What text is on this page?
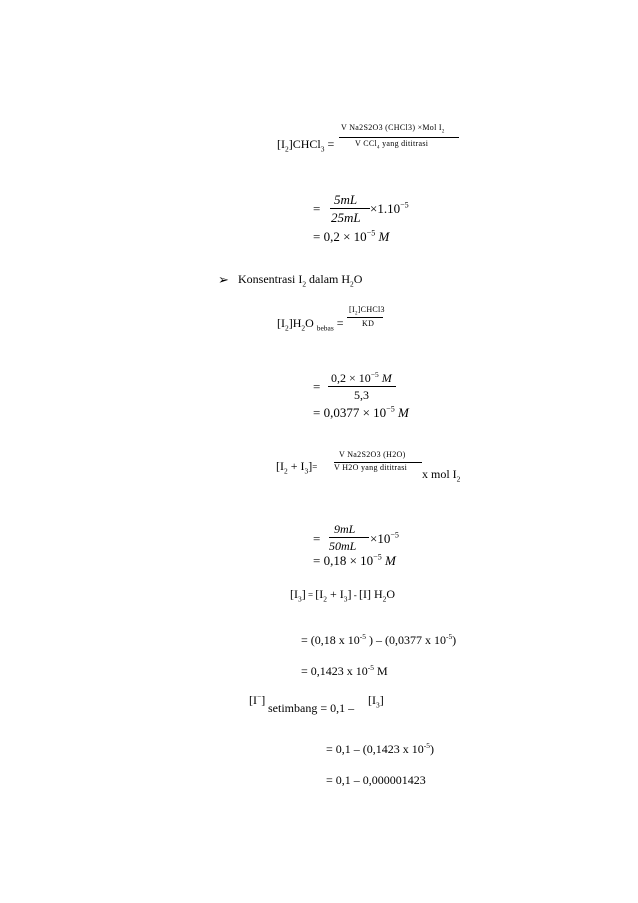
V Na2S2O3 (CHCl3) ×Mol $I_2$
$[I_2]CHCl_3$ =	V CCl$_4$ yang dititrasi
=
5mL
25mL
$\times 1.10^{-5}$
= $0,2 \times 10^{-5}$ M
➢ Konsentrasi $I_2$ dalam $H_2O$
$[I_2]CHCl3$
$[I_2]H_2O$ $_{bebas}$ = KD
=
$0,2 \times 10^{-5}$ M
5,3
= $0,0377 \times 10^{-5}$ M
V Na2S2O3 (H2O)
$[I_2 + I_3]= V$ H2O yang dititrasi x mol $I_2$
=
9mL
$50mL \times 10^{-5}$
= $0,18 \times 10^{-5}$ M
$[I_3] = [I_2 + I_3] - [I]$ $H_2O$
= (0,18 x $10^{-5}$ ) – (0,0377 x $10^{-5}$)
= 0,1423 x $10^{-5}$ M
[I−]
setimbang = 0,1 –
$[I_3]$
= 0,1 – (0,1423 x $10^{-5}$)
= 0,1 – 0,000001423
